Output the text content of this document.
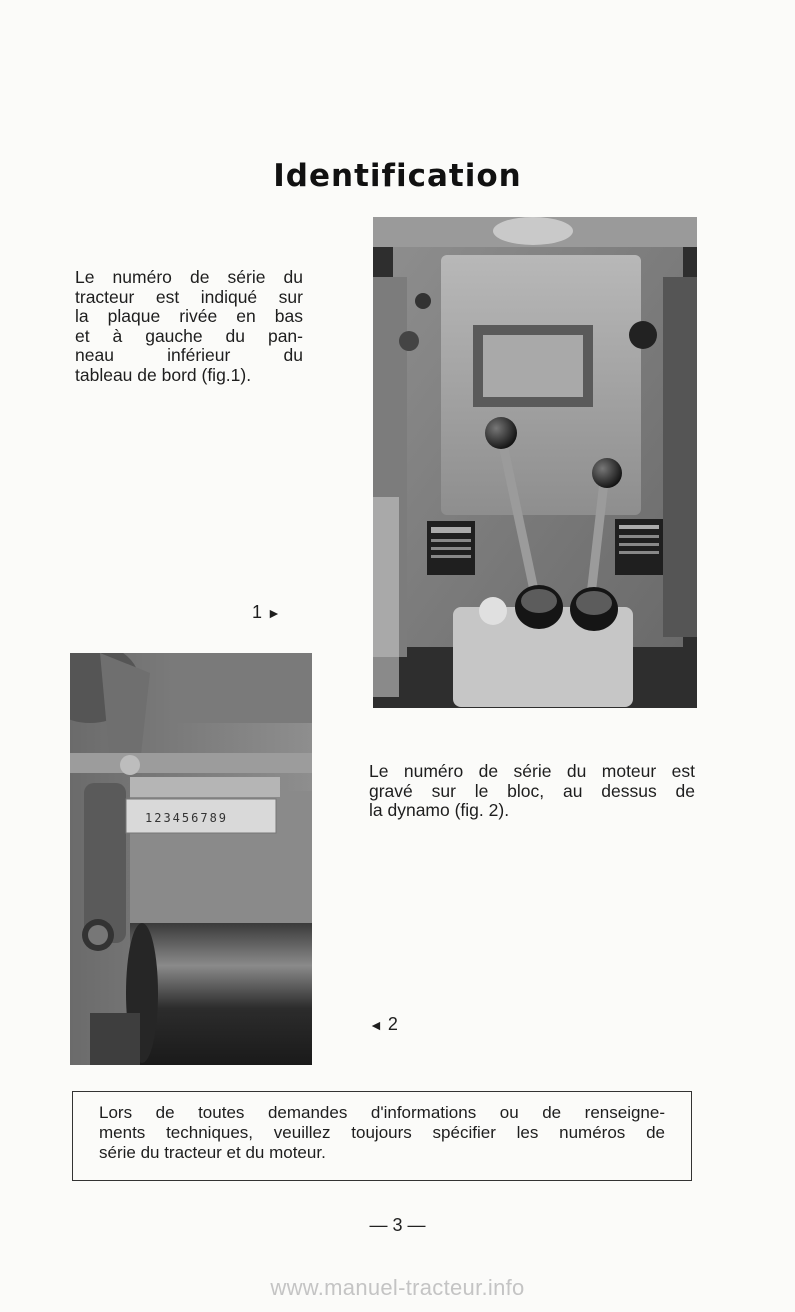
Identification
Le numéro de série du
tracteur est indiqué sur
la plaque rivée en bas
et à gauche du pan-
neau inférieur du
tableau de bord (fig.1).
1 ►
123456789
Le numéro de série du moteur est
gravé sur le bloc, au dessus de
la dynamo (fig. 2).
◄ 2
Lors de toutes demandes d'informations ou de renseigne-
ments techniques, veuillez toujours spécifier les numéros de
série du tracteur et du moteur.
— 3 —
www.manuel-tracteur.info
